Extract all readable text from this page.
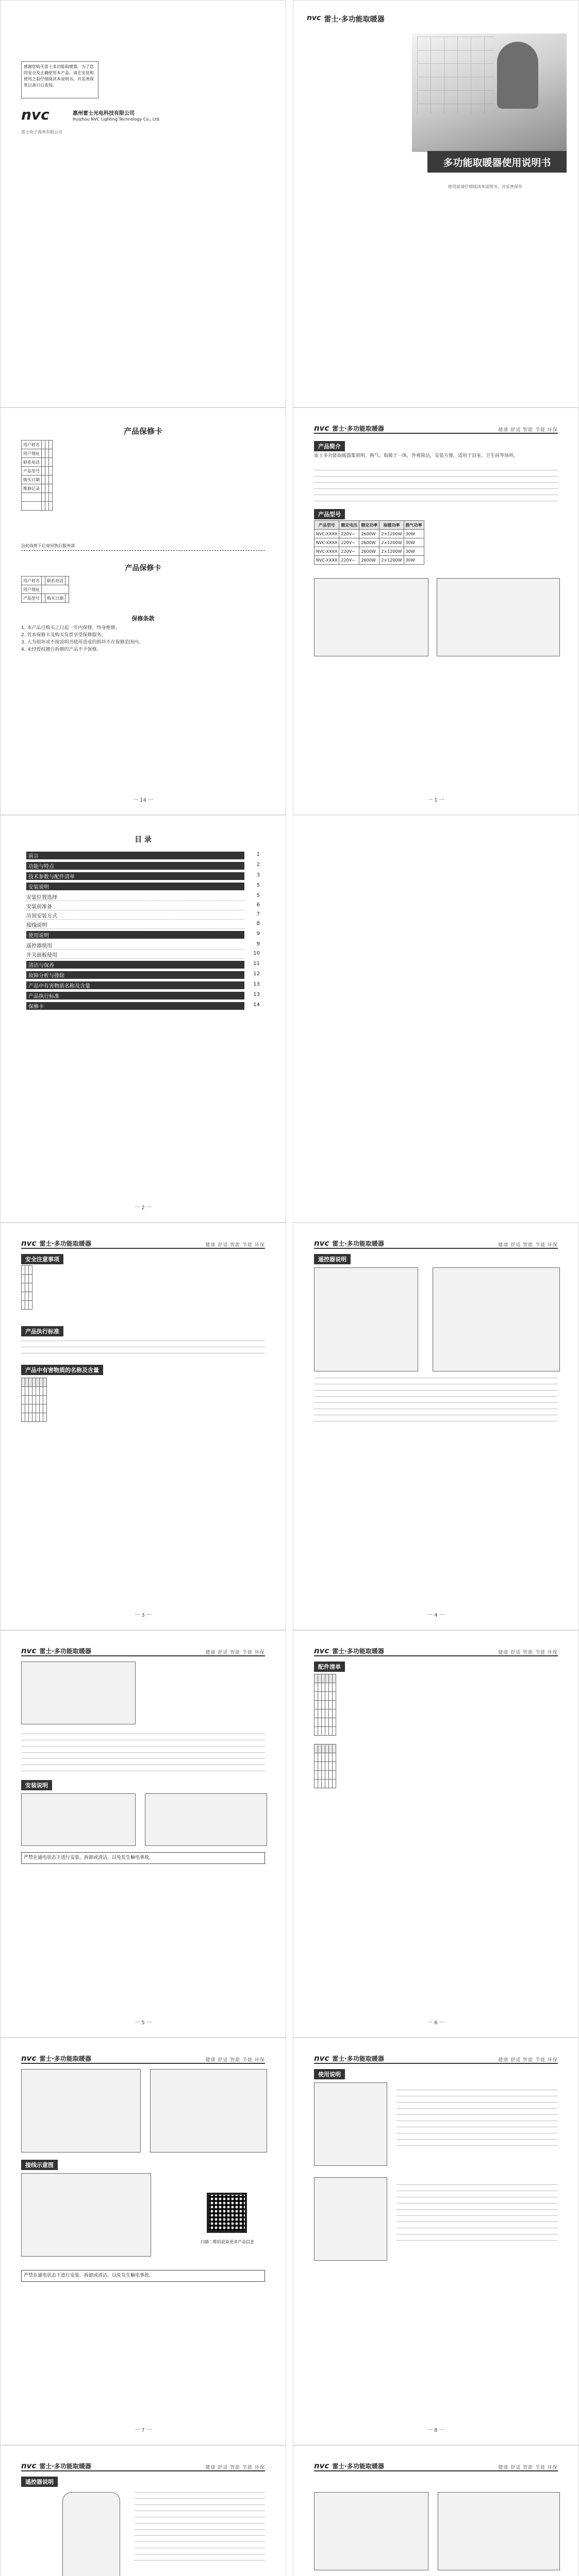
感谢您购买雷士多功能取暖器，为了您的安全及正确使用本产品，请在安装和使用之前仔细阅读本说明书，并妥善保管以备日后查阅。
nvc	惠州雷士光电科技有限公司
Huizhou NVC Lighting Technology Co., Ltd.
雷士电子商务有限公司
nvc 雷士·多功能取暖器
多功能取暖器使用说明书
使用前请仔细阅读本说明书，并妥善保存
产品保修卡
用户姓名			
用户地址			
联系电话			
产品型号			
购买日期			
维修记录			

沿此线剪下后寄回售后服务部
产品保修卡
用户姓名		联系电话	
用户地址			
产品型号		购买日期	
保修条款
1. 本产品自购买之日起一年内保修，终身维修。
2. 凭本保修卡及购买发票享受保修服务。
3. 人为损坏或不按说明书使用造成的损坏不在保修范围内。
4. 未经授权擅自拆修的产品不予保修。
一 14 一
nvc 雷士·多功能取暖器	健康 舒适 智能 节能 环保
产品简介
雷士多功能取暖器集照明、换气、取暖于一体，外观简洁，安装方便，适用于浴室、卫生间等场所。
产品型号
产品型号	额定电压	额定功率	取暖功率	换气功率
NVC-XXXX	220V~	2600W	2×1200W	30W
NVC-XXXX	220V~	2600W	2×1200W	30W
NVC-XXXX	220V~	2600W	2×1200W	30W
NVC-XXXX	220V~	2600W	2×1200W	30W
一 1 一
目 录
前言	1
功能与特点	2
技术参数与配件清单	3
安装说明	5
安装位置选择	5
安装前准备	6
吊顶安装方式	7
接线说明	8
使用说明	9
遥控器使用	9
开关面板使用	10
清洁与保养	11
故障分析与排除	12
产品中有害物质名称及含量	13
产品执行标准	13
保修卡	14
一 2 一
nvc 雷士·多功能取暖器	健康 舒适 智能 节能 环保
安全注意事项

产品执行标准
产品中有害物质的名称及含量

一 3 一
nvc 雷士·多功能取暖器	健康 舒适 智能 节能 环保
遥控器说明
一 4 一
nvc 雷士·多功能取暖器	健康 舒适 智能 节能 环保
安装说明
严禁在通电状态下进行安装、拆卸或清洁，以免发生触电事故。
一 5 一
nvc 雷士·多功能取暖器	健康 舒适 智能 节能 环保
配件清单

一 6 一
nvc 雷士·多功能取暖器	健康 舒适 智能 节能 环保
接线示意图
扫描二维码获取更多产品信息
严禁在通电状态下进行安装、拆卸或清洁，以免发生触电事故。
一 7 一
nvc 雷士·多功能取暖器	健康 舒适 智能 节能 环保
使用说明
一 8 一
nvc 雷士·多功能取暖器	健康 舒适 智能 节能 环保
遥控器说明
nvc 雷士·多功能取暖器	健康 舒适 智能 节能 环保
